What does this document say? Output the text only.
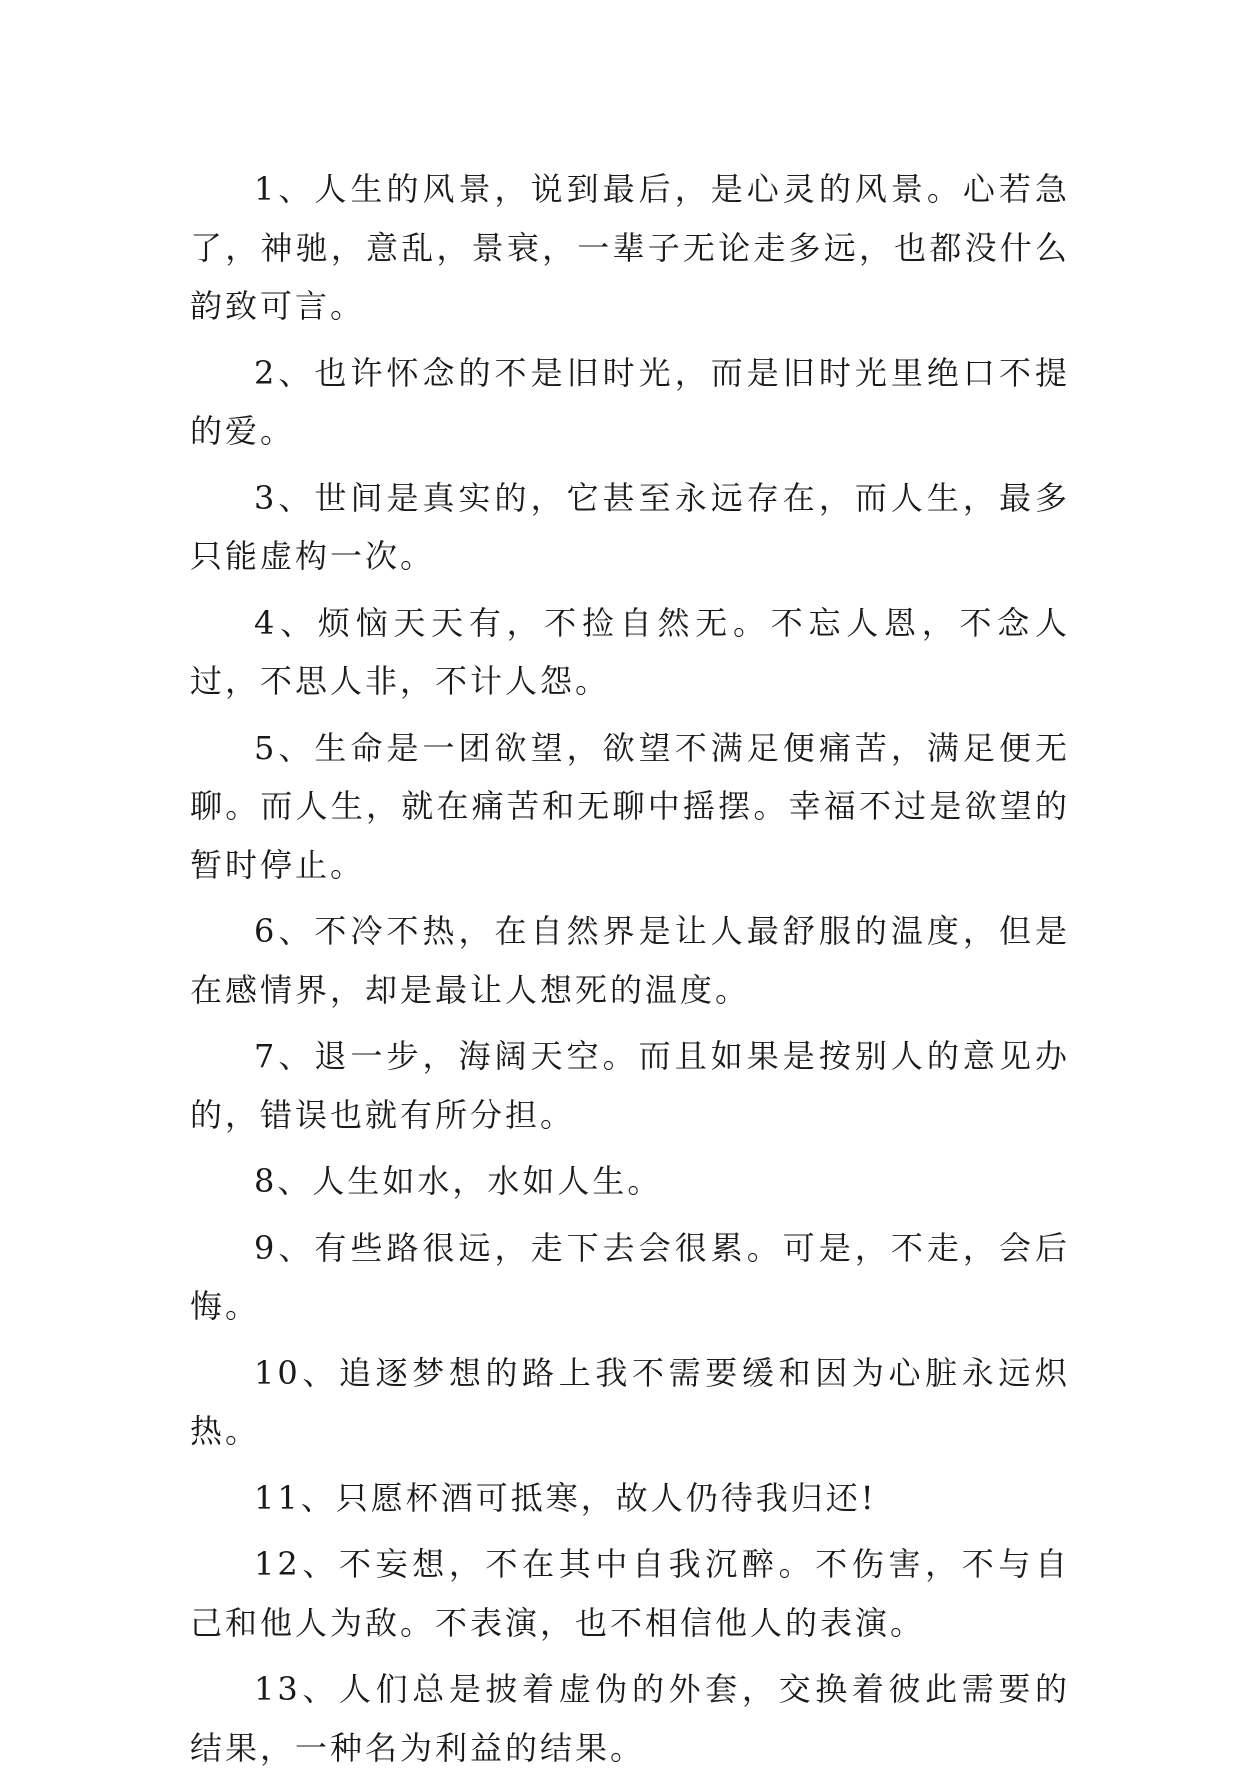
1、人生的风景，说到最后，是心灵的风景。心若急了，神驰，意乱，景衰，一辈子无论走多远，也都没什么韵致可言。

2、也许怀念的不是旧时光，而是旧时光里绝口不提的爱。

3、世间是真实的，它甚至永远存在，而人生，最多只能虚构一次。

4、烦恼天天有，不捡自然无。不忘人恩，不念人过，不思人非，不计人怨。

5、生命是一团欲望，欲望不满足便痛苦，满足便无聊。而人生，就在痛苦和无聊中摇摆。幸福不过是欲望的暂时停止。

6、不冷不热，在自然界是让人最舒服的温度，但是在感情界，却是最让人想死的温度。

7、退一步，海阔天空。而且如果是按别人的意见办的，错误也就有所分担。

8、人生如水，水如人生。

9、有些路很远，走下去会很累。可是，不走，会后悔。

10、追逐梦想的路上我不需要缓和因为心脏永远炽热。

11、只愿杯酒可抵寒，故人仍待我归还!

12、不妄想，不在其中自我沉醉。不伤害，不与自己和他人为敌。不表演，也不相信他人的表演。

13、人们总是披着虚伪的外套，交换着彼此需要的结果，一种名为利益的结果。
